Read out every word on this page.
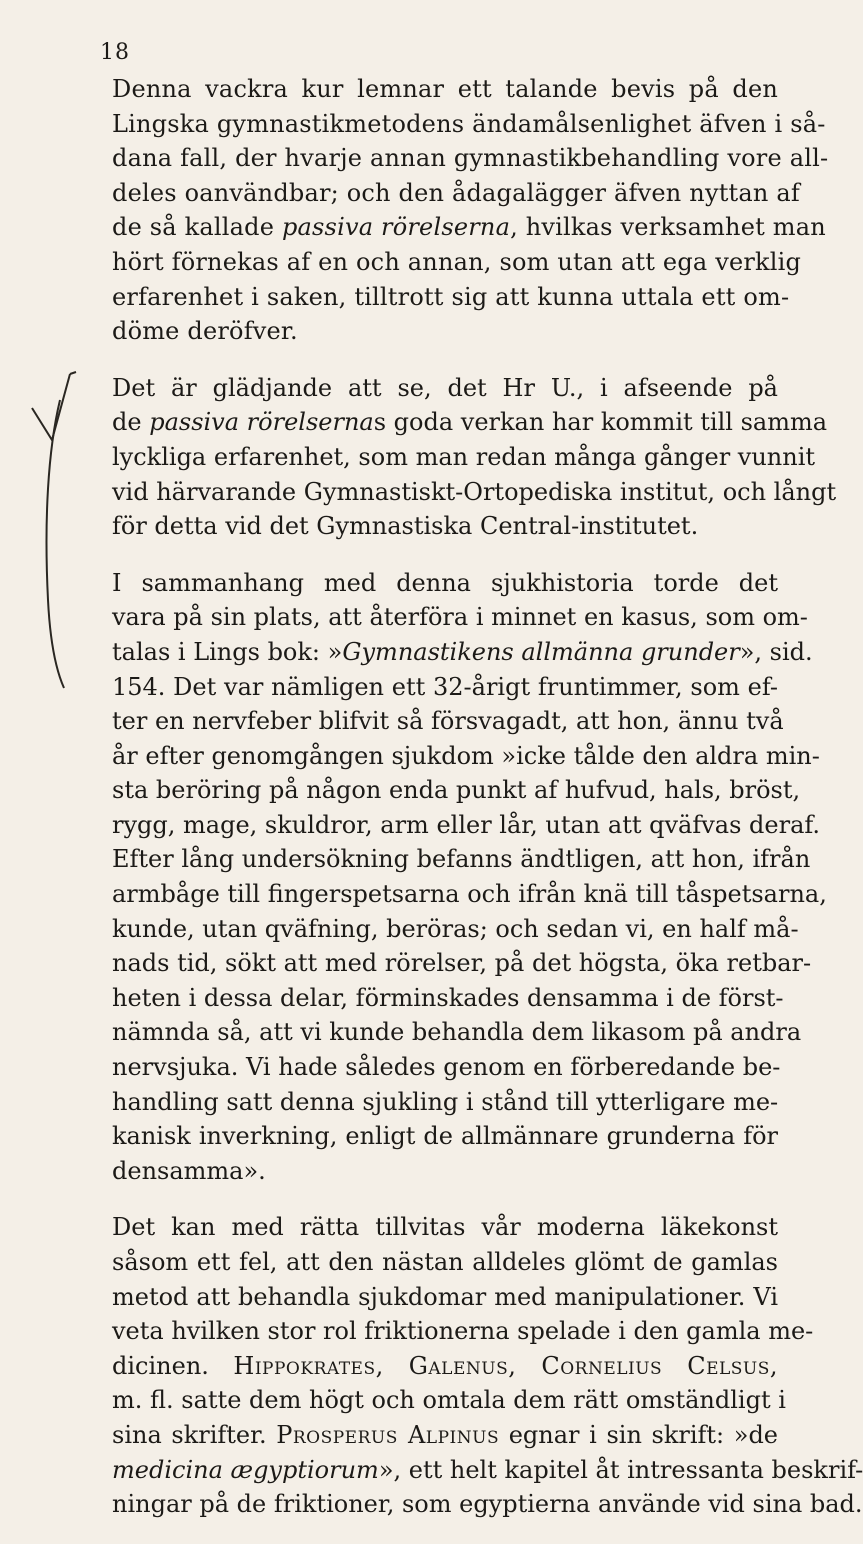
18
Denna vackra kur lemnar ett talande bevis på den
Lingska gymnastikmetodens ändamålsenlighet äfven i så-
dana fall, der hvarje annan gymnastikbehandling vore all-
deles oanvändbar; och den ådagalägger äfven nyttan af
de så kallade passiva rörelserna, hvilkas verksamhet man
hört förnekas af en och annan, som utan att ega verklig
erfarenhet i saken, tilltrott sig att kunna uttala ett om-
döme deröfver.
Det är glädjande att se, det Hr U., i afseende på
de passiva rörelsernas goda verkan har kommit till samma
lyckliga erfarenhet, som man redan många gånger vunnit
vid härvarande Gymnastiskt-Ortopediska institut, och långt
för detta vid det Gymnastiska Central-institutet.
I sammanhang med denna sjukhistoria torde det
vara på sin plats, att återföra i minnet en kasus, som om-
talas i Lings bok: »Gymnastikens allmänna grunder», sid.
154. Det var nämligen ett 32-årigt fruntimmer, som ef-
ter en nervfeber blifvit så försvagadt, att hon, ännu två
år efter genomgången sjukdom »icke tålde den aldra min-
sta beröring på någon enda punkt af hufvud, hals, bröst,
rygg, mage, skuldror, arm eller lår, utan att qväfvas deraf.
Efter lång undersökning befanns ändtligen, att hon, ifrån
armbåge till fingerspetsarna och ifrån knä till tåspetsarna,
kunde, utan qväfning, beröras; och sedan vi, en half må-
nads tid, sökt att med rörelser, på det högsta, öka retbar-
heten i dessa delar, förminskades densamma i de först-
nämnda så, att vi kunde behandla dem likasom på andra
nervsjuka. Vi hade således genom en förberedande be-
handling satt denna sjukling i stånd till ytterligare me-
kanisk inverkning, enligt de allmännare grunderna för
densamma».
Det kan med rätta tillvitas vår moderna läkekonst
såsom ett fel, att den nästan alldeles glömt de gamlas
metod att behandla sjukdomar med manipulationer. Vi
veta hvilken stor rol friktionerna spelade i den gamla me-
dicinen. Hippokrates, Galenus, Cornelius Celsus,
m. fl. satte dem högt och omtala dem rätt omständligt i
sina skrifter. Prosperus Alpinus egnar i sin skrift: »de
medicina ægyptiorum», ett helt kapitel åt intressanta beskrif-
ningar på de friktioner, som egyptierna använde vid sina bad.
